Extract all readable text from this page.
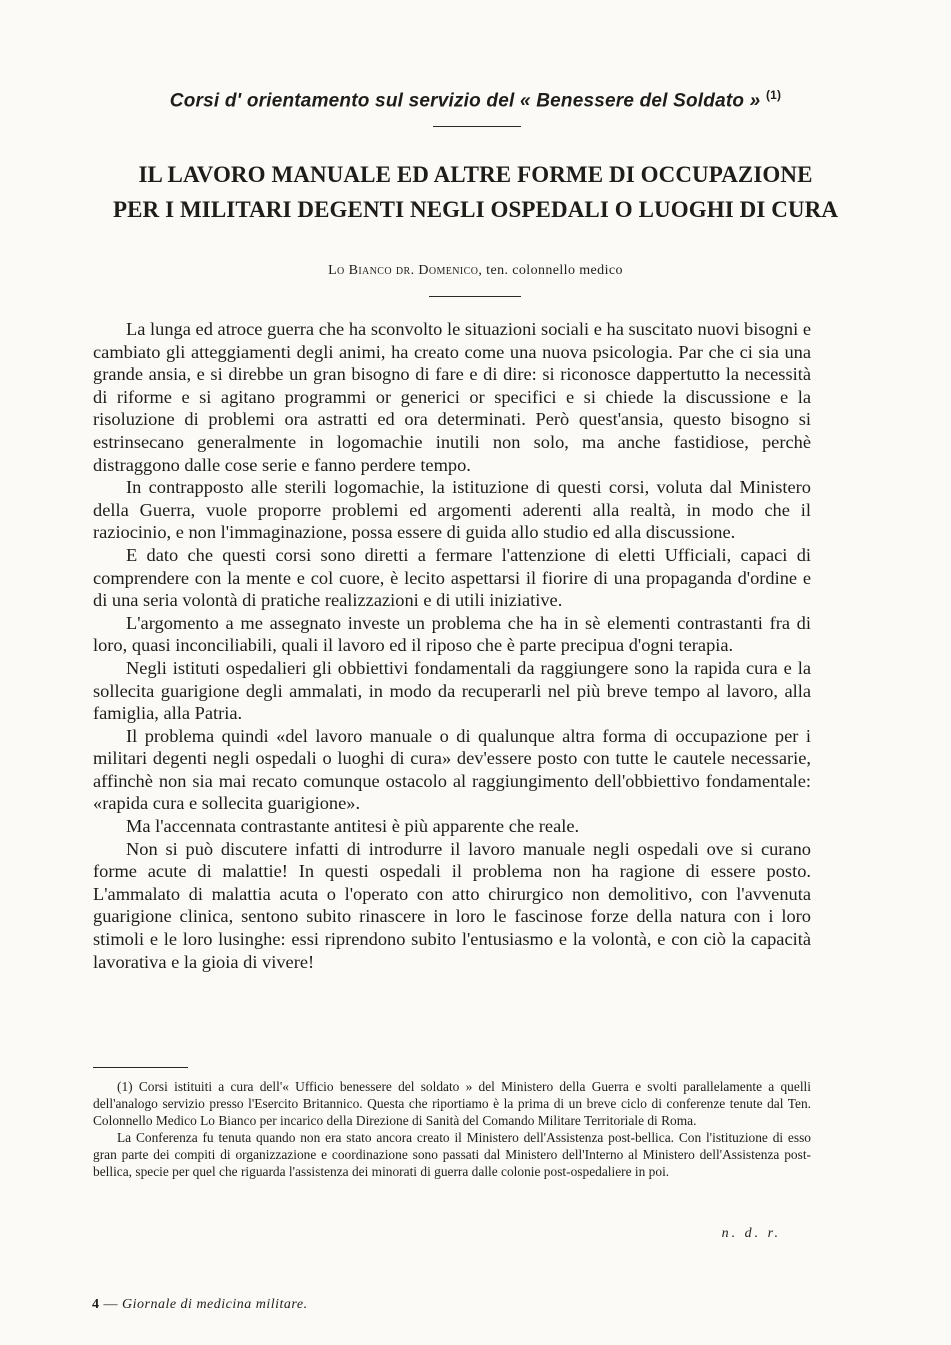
Corsi d' orientamento sul servizio del « Benessere del Soldato » $^{(1)}$
IL LAVORO MANUALE ED ALTRE FORME DI OCCUPAZIONE
PER I MILITARI DEGENTI NEGLI OSPEDALI O LUOGHI DI CURA
Lo Bianco dr. Domenico, ten. colonnello medico

La lunga ed atroce guerra che ha sconvolto le situazioni sociali e ha suscitato nuovi bisogni e cambiato gli atteggiamenti degli animi, ha creato come una nuova psicologia. Par che ci sia una grande ansia, e si direbbe un gran bisogno di fare e di dire: si riconosce dappertutto la necessità di riforme e si agitano programmi or generici or specifici e si chiede la discussione e la risoluzione di problemi ora astratti ed ora determinati. Però quest'ansia, questo bisogno si estrinsecano generalmente in logomachie inutili non solo, ma anche fastidiose, perchè distraggono dalle cose serie e fanno perdere tempo.

In contrapposto alle sterili logomachie, la istituzione di questi corsi, voluta dal Ministero della Guerra, vuole proporre problemi ed argomenti aderenti alla realtà, in modo che il raziocinio, e non l'immaginazione, possa essere di guida allo studio ed alla discussione.

E dato che questi corsi sono diretti a fermare l'attenzione di eletti Ufficiali, capaci di comprendere con la mente e col cuore, è lecito aspettarsi il fiorire di una propaganda d'ordine e di una seria volontà di pratiche realizzazioni e di utili iniziative.

L'argomento a me assegnato investe un problema che ha in sè elementi contrastanti fra di loro, quasi inconciliabili, quali il lavoro ed il riposo che è parte precipua d'ogni terapia.

Negli istituti ospedalieri gli obbiettivi fondamentali da raggiungere sono la rapida cura e la sollecita guarigione degli ammalati, in modo da recuperarli nel più breve tempo al lavoro, alla famiglia, alla Patria.

Il problema quindi «del lavoro manuale o di qualunque altra forma di occupazione per i militari degenti negli ospedali o luoghi di cura» dev'essere posto con tutte le cautele necessarie, affinchè non sia mai recato comunque ostacolo al raggiungimento dell'obbiettivo fondamentale: «rapida cura e sollecita guarigione».

Ma l'accennata contrastante antitesi è più apparente che reale.

Non si può discutere infatti di introdurre il lavoro manuale negli ospedali ove si curano forme acute di malattie! In questi ospedali il problema non ha ragione di essere posto. L'ammalato di malattia acuta o l'operato con atto chirurgico non demolitivo, con l'avvenuta guarigione clinica, sentono subito rinascere in loro le fascinose forze della natura con i loro stimoli e le loro lusinghe: essi riprendono subito l'entusiasmo e la volontà, e con ciò la capacità lavorativa e la gioia di vivere!

(1) Corsi istituiti a cura dell'« Ufficio benessere del soldato » del Ministero della Guerra e svolti parallelamente a quelli dell'analogo servizio presso l'Esercito Britannico. Questa che riportiamo è la prima di un breve ciclo di conferenze tenute dal Ten. Colonnello Medico Lo Bianco per incarico della Direzione di Sanità del Comando Militare Territoriale di Roma.

La Conferenza fu tenuta quando non era stato ancora creato il Ministero dell'Assistenza post-bellica. Con l'istituzione di esso gran parte dei compiti di organizzazione e coordinazione sono passati dal Ministero dell'Interno al Ministero dell'Assistenza post-bellica, specie per quel che riguarda l'assistenza dei minorati di guerra dalle colonie post-ospedaliere in poi.

n. d. r.
4 — Giornale di medicina militare.
